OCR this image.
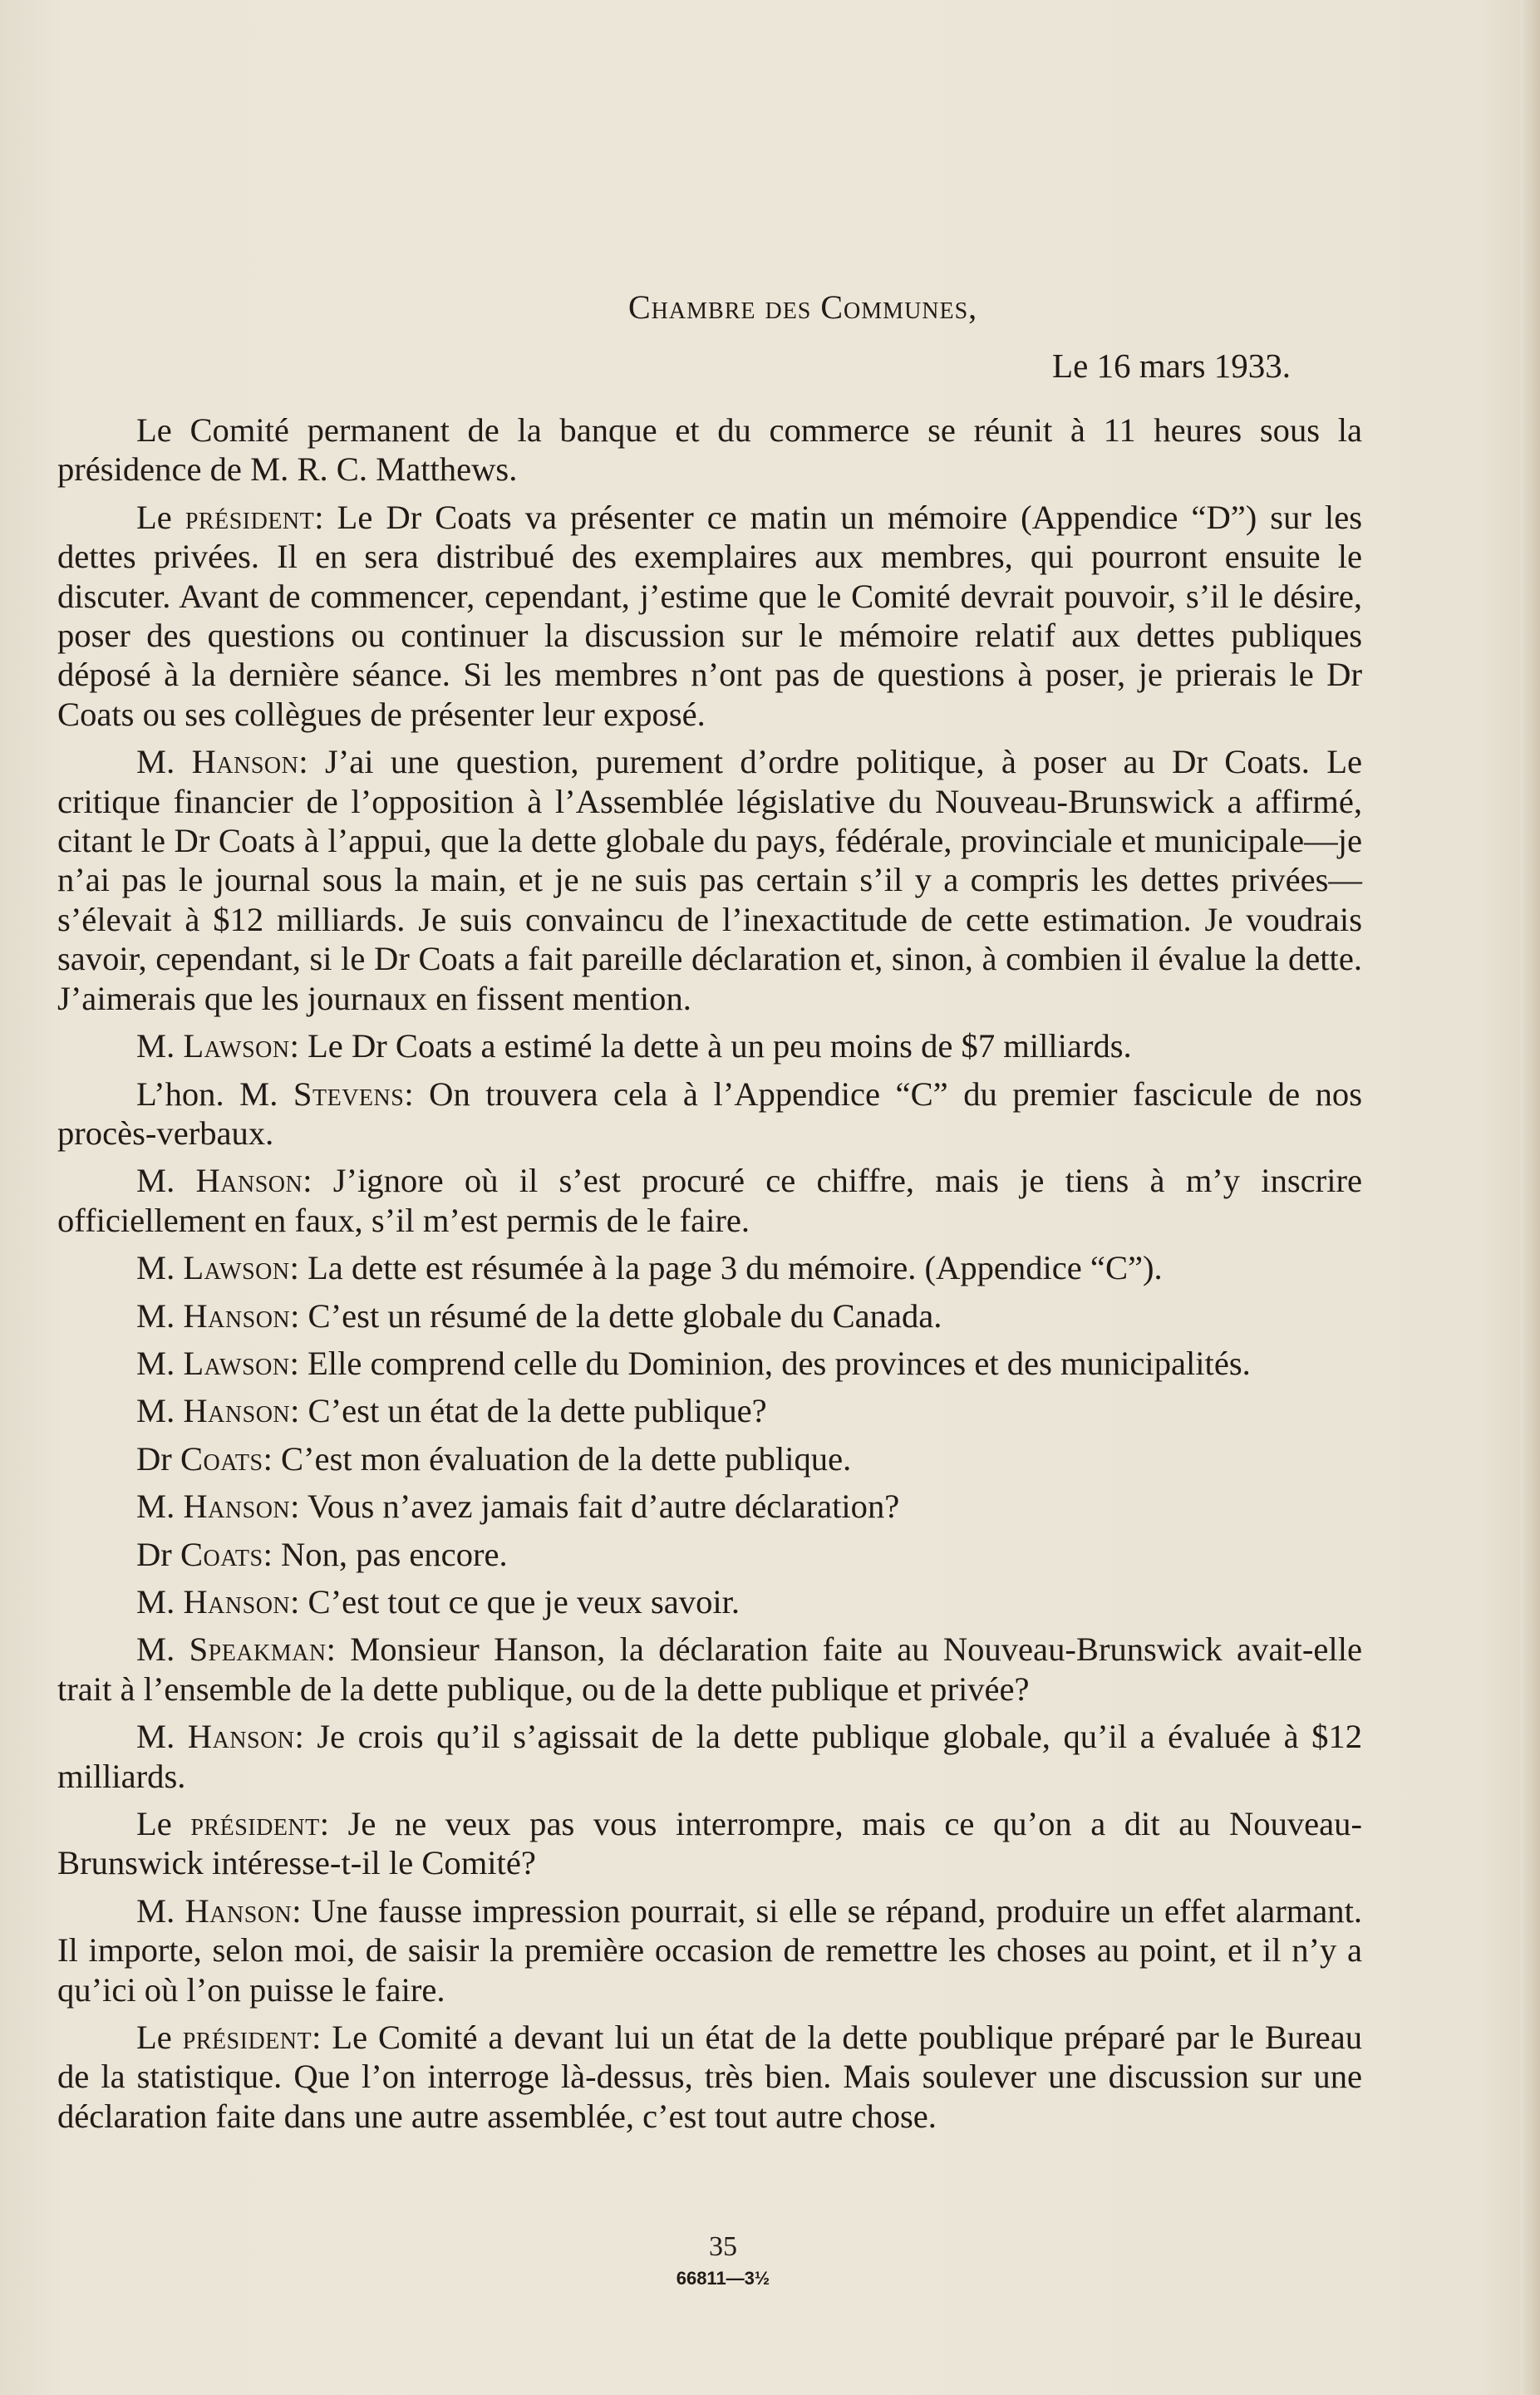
Chambre des Communes,
Le 16 mars 1933.

Le Comité permanent de la banque et du commerce se réunit à 11 heures sous la présidence de M. R. C. Matthews.

Le président: Le Dr Coats va présenter ce matin un mémoire (Appendice “D”) sur les dettes privées. Il en sera distribué des exemplaires aux membres, qui pourront ensuite le discuter. Avant de commencer, cependant, j’estime que le Comité devrait pouvoir, s’il le désire, poser des questions ou continuer la discussion sur le mémoire relatif aux dettes publiques déposé à la dernière séance. Si les membres n’ont pas de questions à poser, je prierais le Dr Coats ou ses collègues de présenter leur exposé.

M. Hanson: J’ai une question, purement d’ordre politique, à poser au Dr Coats. Le critique financier de l’opposition à l’Assemblée législative du Nouveau-Brunswick a affirmé, citant le Dr Coats à l’appui, que la dette globale du pays, fédérale, provinciale et municipale—je n’ai pas le journal sous la main, et je ne suis pas certain s’il y a compris les dettes privées—s’élevait à $12 milliards. Je suis convaincu de l’inexactitude de cette estimation. Je voudrais savoir, cependant, si le Dr Coats a fait pareille déclaration et, sinon, à combien il évalue la dette. J’aimerais que les journaux en fissent mention.

M. Lawson: Le Dr Coats a estimé la dette à un peu moins de $7 milliards.

L’hon. M. Stevens: On trouvera cela à l’Appendice “C” du premier fascicule de nos procès-verbaux.

M. Hanson: J’ignore où il s’est procuré ce chiffre, mais je tiens à m’y inscrire officiellement en faux, s’il m’est permis de le faire.

M. Lawson: La dette est résumée à la page 3 du mémoire. (Appendice “C”).

M. Hanson: C’est un résumé de la dette globale du Canada.

M. Lawson: Elle comprend celle du Dominion, des provinces et des municipalités.

M. Hanson: C’est un état de la dette publique?

Dr Coats: C’est mon évaluation de la dette publique.

M. Hanson: Vous n’avez jamais fait d’autre déclaration?

Dr Coats: Non, pas encore.

M. Hanson: C’est tout ce que je veux savoir.

M. Speakman: Monsieur Hanson, la déclaration faite au Nouveau-Brunswick avait-elle trait à l’ensemble de la dette publique, ou de la dette publique et privée?

M. Hanson: Je crois qu’il s’agissait de la dette publique globale, qu’il a évaluée à $12 milliards.

Le président: Je ne veux pas vous interrompre, mais ce qu’on a dit au Nouveau-Brunswick intéresse-t-il le Comité?

M. Hanson: Une fausse impression pourrait, si elle se répand, produire un effet alarmant. Il importe, selon moi, de saisir la première occasion de remettre les choses au point, et il n’y a qu’ici où l’on puisse le faire.

Le président: Le Comité a devant lui un état de la dette poublique préparé par le Bureau de la statistique. Que l’on interroge là-dessus, très bien. Mais soulever une discussion sur une déclaration faite dans une autre assemblée, c’est tout autre chose.

35
66811—3½
